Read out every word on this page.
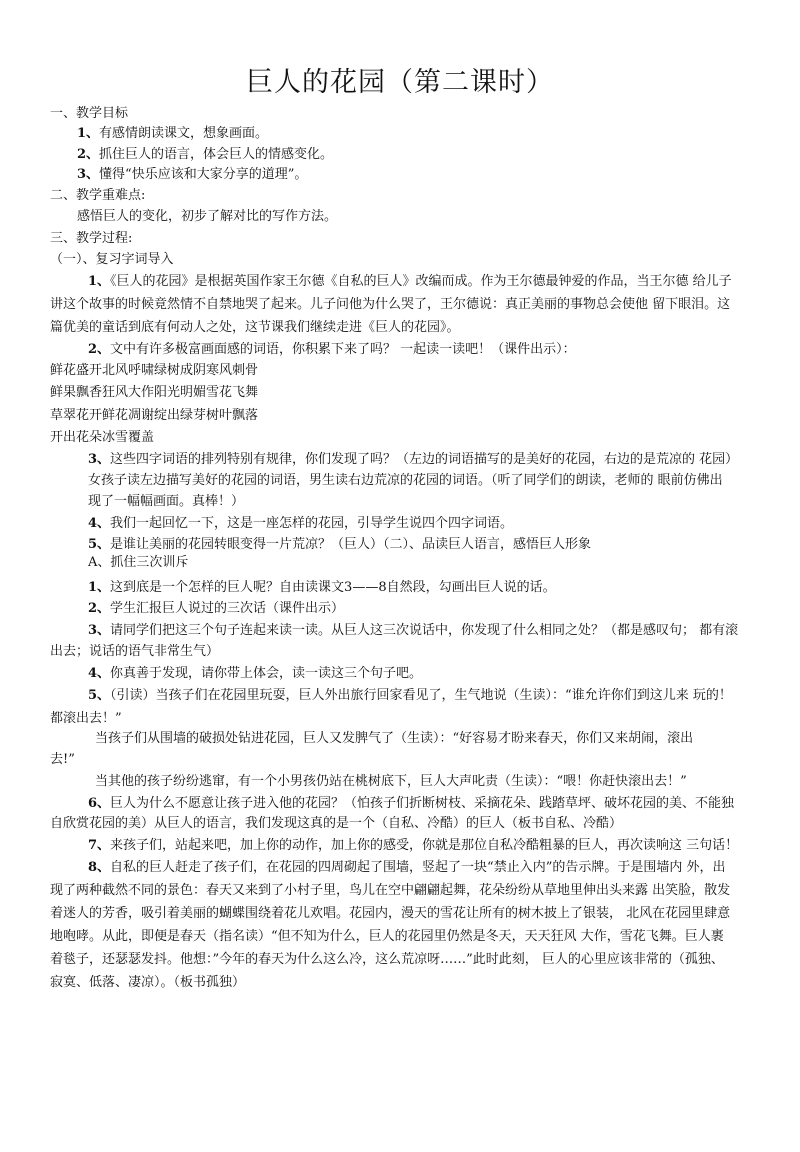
巨人的花园（第二课时）
一、教学目标
1、有感情朗读课文，想象画面。
2、抓住巨人的语言，体会巨人的情感变化。
3、懂得“快乐应该和大家分享的道理”。
二、教学重难点:
感悟巨人的变化，初步了解对比的写作方法。
三、教学过程:
（一）、复习字词导入
1、《巨人的花园》是根据英国作家王尔德《自私的巨人》改编而成。作为王尔德最钟爱的作品，当王尔德 给儿子
讲这个故事的时候竟然情不自禁地哭了起来。儿子问他为什么哭了，王尔德说：真正美丽的事物总会使他 留下眼泪。这
篇优美的童话到底有何动人之处，这节课我们继续走进《巨人的花园》。
2、文中有许多极富画面感的词语，你积累下来了吗？ 一起读一读吧！（课件出示）：
鲜花盛开北风呼啸绿树成阴寒风刺骨
鲜果飘香狂风大作阳光明媚雪花飞舞
草翠花开鲜花凋谢绽出绿芽树叶飘落
开出花朵冰雪覆盖
3、这些四字词语的排列特别有规律，你们发现了吗？（左边的词语描写的是美好的花园，右边的是荒凉的 花园）
女孩子读左边描写美好的花园的词语，男生读右边荒凉的花园的词语。（听了同学们的朗读，老师的 眼前仿佛出
现了一幅幅画面。真棒！）
4、我们一起回忆一下，这是一座怎样的花园，引导学生说四个四字词语。
5、是谁让美丽的花园转眼变得一片荒凉？（巨人）（二）、品读巨人语言，感悟巨人形象
A、抓住三次训斥
1、这到底是一个怎样的巨人呢？自由读课文3——8自然段，勾画出巨人说的话。
2、学生汇报巨人说过的三次话（课件出示）
3、请同学们把这三个句子连起来读一读。从巨人这三次说话中，你发现了什么相同之处？（都是感叹句； 都有滚
出去；说话的语气非常生气）
4、你真善于发现，请你带上体会，读一读这三个句子吧。
5、（引读）当孩子们在花园里玩耍，巨人外出旅行回家看见了，生气地说（生读）：“谁允许你们到这儿来 玩的！
都滚出去！”
当孩子们从围墙的破损处钻进花园，巨人又发脾气了（生读）：“好容易才盼来春天，你们又来胡闹，滚出
去!”
当其他的孩子纷纷逃窜，有一个小男孩仍站在桃树底下，巨人大声叱责（生读）：“喂！你赶快滚出去！”
6、巨人为什么不愿意让孩子进入他的花园？（怕孩子们折断树枝、采摘花朵、践踏草坪、破坏花园的美、不能独
自欣赏花园的美）从巨人的语言，我们发现这真的是一个（自私、冷酷）的巨人（板书自私、冷酷）
7、来孩子们，站起来吧，加上你的动作，加上你的感受，你就是那位自私冷酷粗暴的巨人，再次读响这 三句话！
8、自私的巨人赶走了孩子们，在花园的四周砌起了围墙，竖起了一块“禁止入内”的告示牌。于是围墙内 外，出
现了两种截然不同的景色：春天又来到了小村子里，鸟儿在空中翩翩起舞，花朵纷纷从草地里伸出头来露 出笑脸，散发
着迷人的芳香，吸引着美丽的蝴蝶围绕着花儿欢唱。花园内，漫天的雪花让所有的树木披上了银装， 北风在花园里肆意
地咆哮。从此，即便是春天（指名读）“但不知为什么，巨人的花园里仍然是冬天，天天狂风 大作，雪花飞舞。巨人裹
着毯子，还瑟瑟发抖。他想：”今年的春天为什么这么冷，这么荒凉呀……”此时此刻， 巨人的心里应该非常的（孤独、
寂寞、低落、凄凉）。（板书孤独）
